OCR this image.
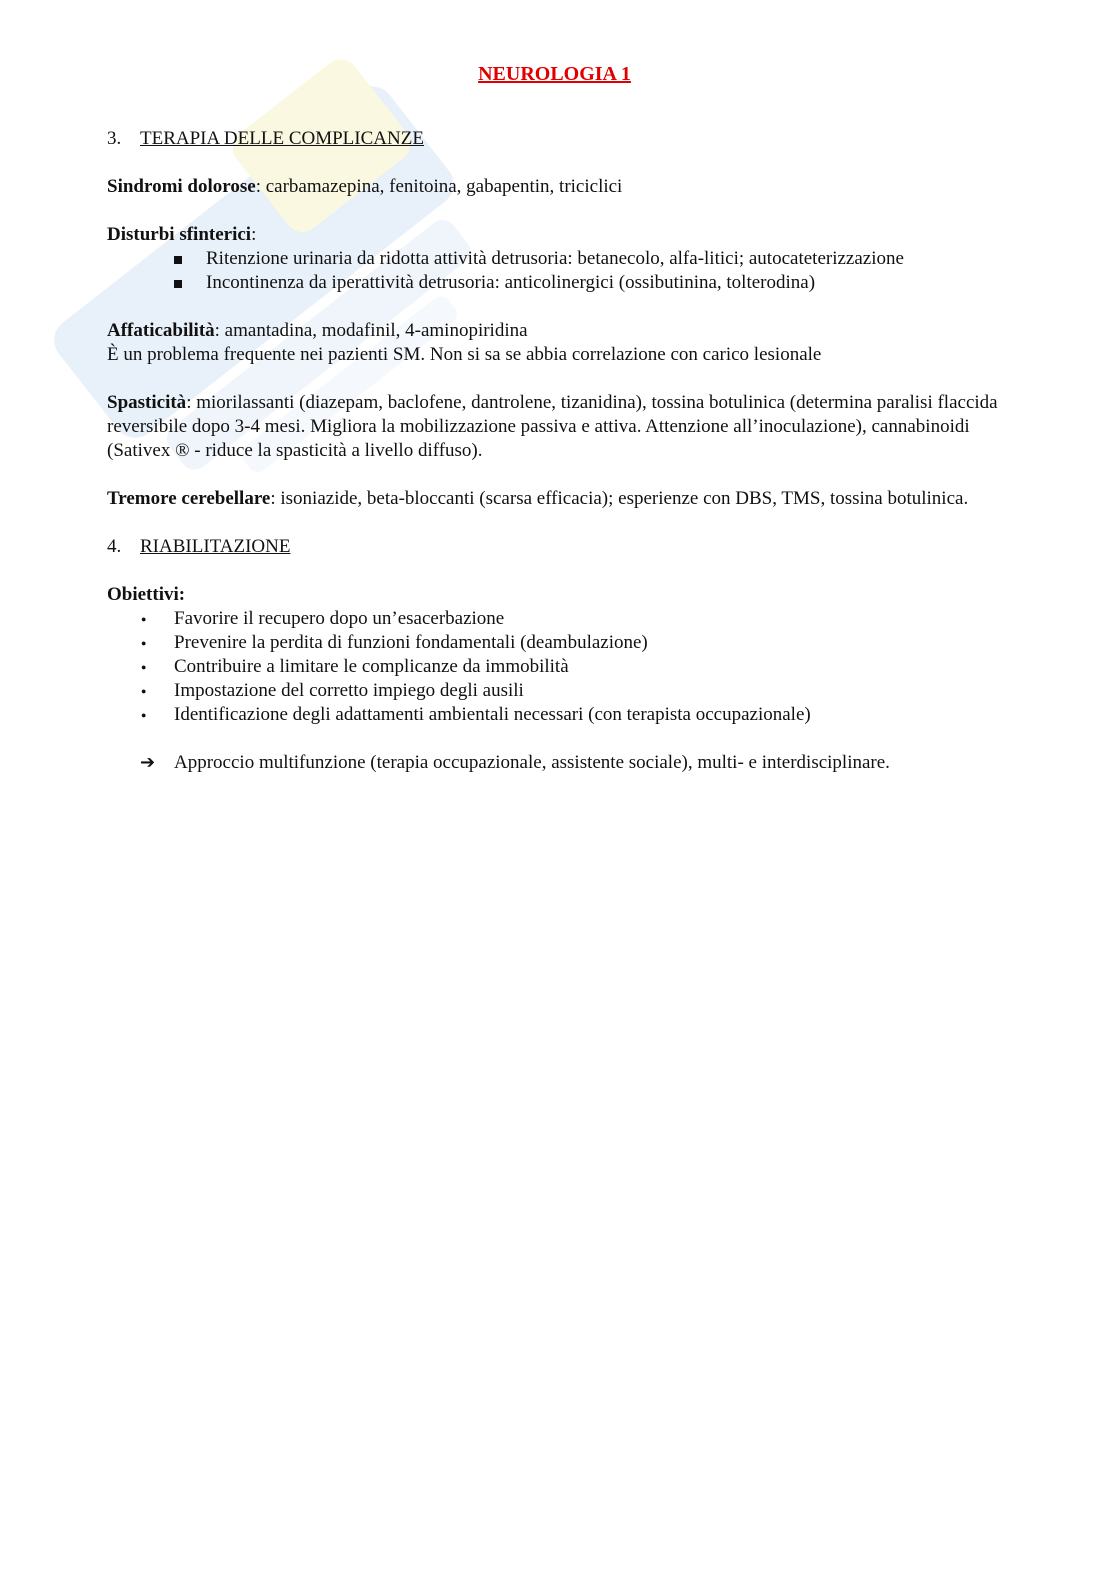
NEUROLOGIA 1
3. TERAPIA DELLE COMPLICANZE

Sindromi dolorose: carbamazepina, fenitoina, gabapentin, triciclici

Disturbi sfinterici:
Ritenzione urinaria da ridotta attività detrusoria: betanecolo, alfa-litici; autocateterizzazione
Incontinenza da iperattività detrusoria: anticolinergici (ossibutinina, tolterodina)
Affaticabilità: amantadina, modafinil, 4-aminopiridina
È un problema frequente nei pazienti SM. Non si sa se abbia correlazione con carico lesionale

Spasticità: miorilassanti (diazepam, baclofene, dantrolene, tizanidina), tossina botulinica (determina paralisi flaccida reversibile dopo 3-4 mesi. Migliora la mobilizzazione passiva e attiva. Attenzione all’inoculazione), cannabinoidi (Sativex ® - riduce la spasticità a livello diffuso).

Tremore cerebellare: isoniazide, beta-bloccanti (scarsa efficacia); esperienze con DBS, TMS, tossina botulinica.

4. RIABILITAZIONE
Obiettivi:
● Favorire il recupero dopo un’esacerbazione
● Prevenire la perdita di funzioni fondamentali (deambulazione)
● Contribuire a limitare le complicanze da immobilità
● Impostazione del corretto impiego degli ausili
● Identificazione degli adattamenti ambientali necessari (con terapista occupazionale)
➔ Approccio multifunzione (terapia occupazionale, assistente sociale), multi- e interdisciplinare.
